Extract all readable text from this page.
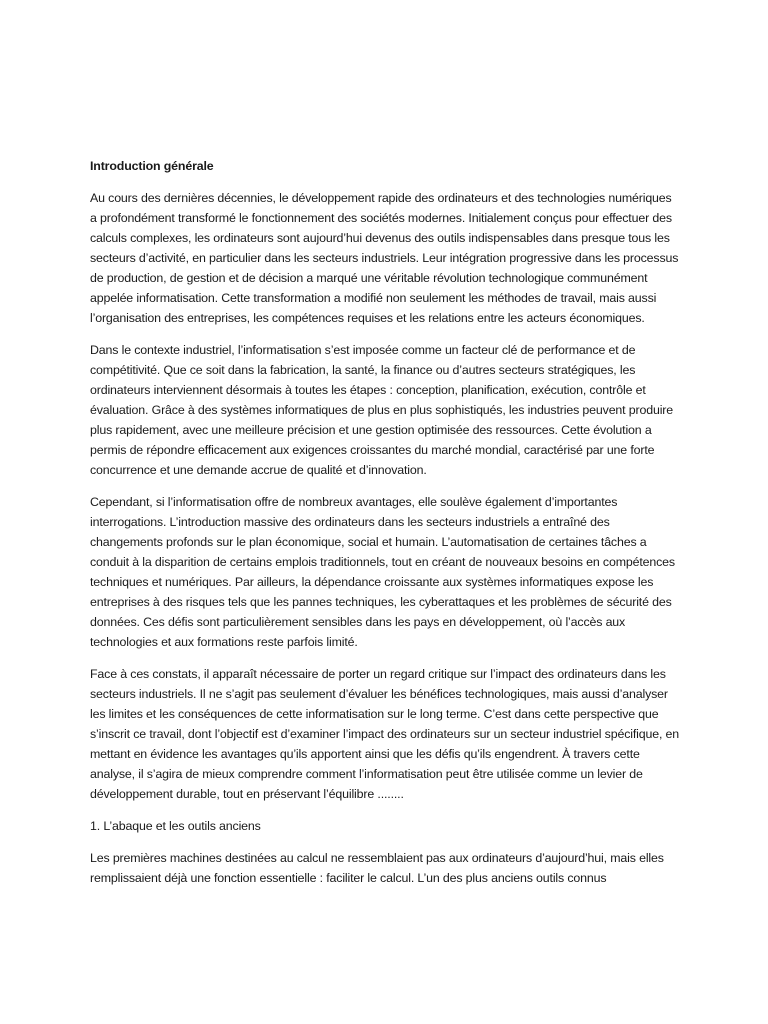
Introduction générale

Au cours des dernières décennies, le développement rapide des ordinateurs et des technologies numériques a profondément transformé le fonctionnement des sociétés modernes. Initialement conçus pour effectuer des calculs complexes, les ordinateurs sont aujourd’hui devenus des outils indispensables dans presque tous les secteurs d’activité, en particulier dans les secteurs industriels. Leur intégration progressive dans les processus de production, de gestion et de décision a marqué une véritable révolution technologique communément appelée informatisation. Cette transformation a modifié non seulement les méthodes de travail, mais aussi l’organisation des entreprises, les compétences requises et les relations entre les acteurs économiques.

Dans le contexte industriel, l’informatisation s’est imposée comme un facteur clé de performance et de compétitivité. Que ce soit dans la fabrication, la santé, la finance ou d’autres secteurs stratégiques, les ordinateurs interviennent désormais à toutes les étapes : conception, planification, exécution, contrôle et évaluation. Grâce à des systèmes informatiques de plus en plus sophistiqués, les industries peuvent produire plus rapidement, avec une meilleure précision et une gestion optimisée des ressources. Cette évolution a permis de répondre efficacement aux exigences croissantes du marché mondial, caractérisé par une forte concurrence et une demande accrue de qualité et d’innovation.

Cependant, si l’informatisation offre de nombreux avantages, elle soulève également d’importantes interrogations. L’introduction massive des ordinateurs dans les secteurs industriels a entraîné des changements profonds sur le plan économique, social et humain. L’automatisation de certaines tâches a conduit à la disparition de certains emplois traditionnels, tout en créant de nouveaux besoins en compétences techniques et numériques. Par ailleurs, la dépendance croissante aux systèmes informatiques expose les entreprises à des risques tels que les pannes techniques, les cyberattaques et les problèmes de sécurité des données. Ces défis sont particulièrement sensibles dans les pays en développement, où l’accès aux technologies et aux formations reste parfois limité.

Face à ces constats, il apparaît nécessaire de porter un regard critique sur l’impact des ordinateurs dans les secteurs industriels. Il ne s’agit pas seulement d’évaluer les bénéfices technologiques, mais aussi d’analyser les limites et les conséquences de cette informatisation sur le long terme. C’est dans cette perspective que s’inscrit ce travail, dont l’objectif est d’examiner l’impact des ordinateurs sur un secteur industriel spécifique, en mettant en évidence les avantages qu’ils apportent ainsi que les défis qu’ils engendrent. À travers cette analyse, il s’agira de mieux comprendre comment l’informatisation peut être utilisée comme un levier de développement durable, tout en préservant l’équilibre ........

1. L’abaque et les outils anciens

Les premières machines destinées au calcul ne ressemblaient pas aux ordinateurs d’aujourd’hui, mais elles remplissaient déjà une fonction essentielle : faciliter le calcul. L’un des plus anciens outils connus
